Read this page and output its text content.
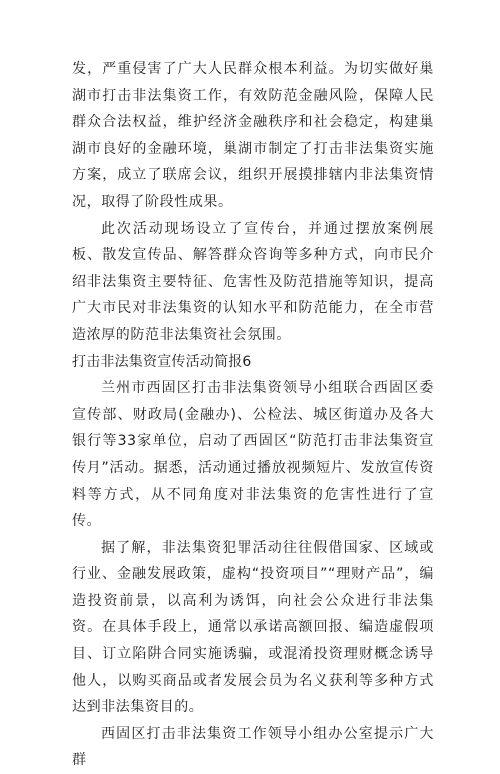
发，严重侵害了广大人民群众根本利益。为切实做好巢湖市打击非法集资工作，有效防范金融风险，保障人民群众合法权益，维护经济金融秩序和社会稳定，构建巢湖市良好的金融环境，巢湖市制定了打击非法集资实施方案，成立了联席会议，组织开展摸排辖内非法集资情况，取得了阶段性成果。

此次活动现场设立了宣传台，并通过摆放案例展板、散发宣传品、解答群众咨询等多种方式，向市民介绍非法集资主要特征、危害性及防范措施等知识，提高广大市民对非法集资的认知水平和防范能力，在全市营造浓厚的防范非法集资社会氛围。

打击非法集资宣传活动简报6

兰州市西固区打击非法集资领导小组联合西固区委宣传部、财政局(金融办)、公检法、城区街道办及各大银行等33家单位，启动了西固区“防范打击非法集资宣传月”活动。据悉，活动通过播放视频短片、发放宣传资料等方式，从不同角度对非法集资的危害性进行了宣传。

据了解，非法集资犯罪活动往往假借国家、区域或行业、金融发展政策，虚构“投资项目”“理财产品”，编造投资前景，以高利为诱饵，向社会公众进行非法集资。在具体手段上，通常以承诺高额回报、编造虚假项目、订立陷阱合同实施诱骗，或混淆投资理财概念诱导他人，以购买商品或者发展会员为名义获利等多种方式达到非法集资目的。

西固区打击非法集资工作领导小组办公室提示广大群
